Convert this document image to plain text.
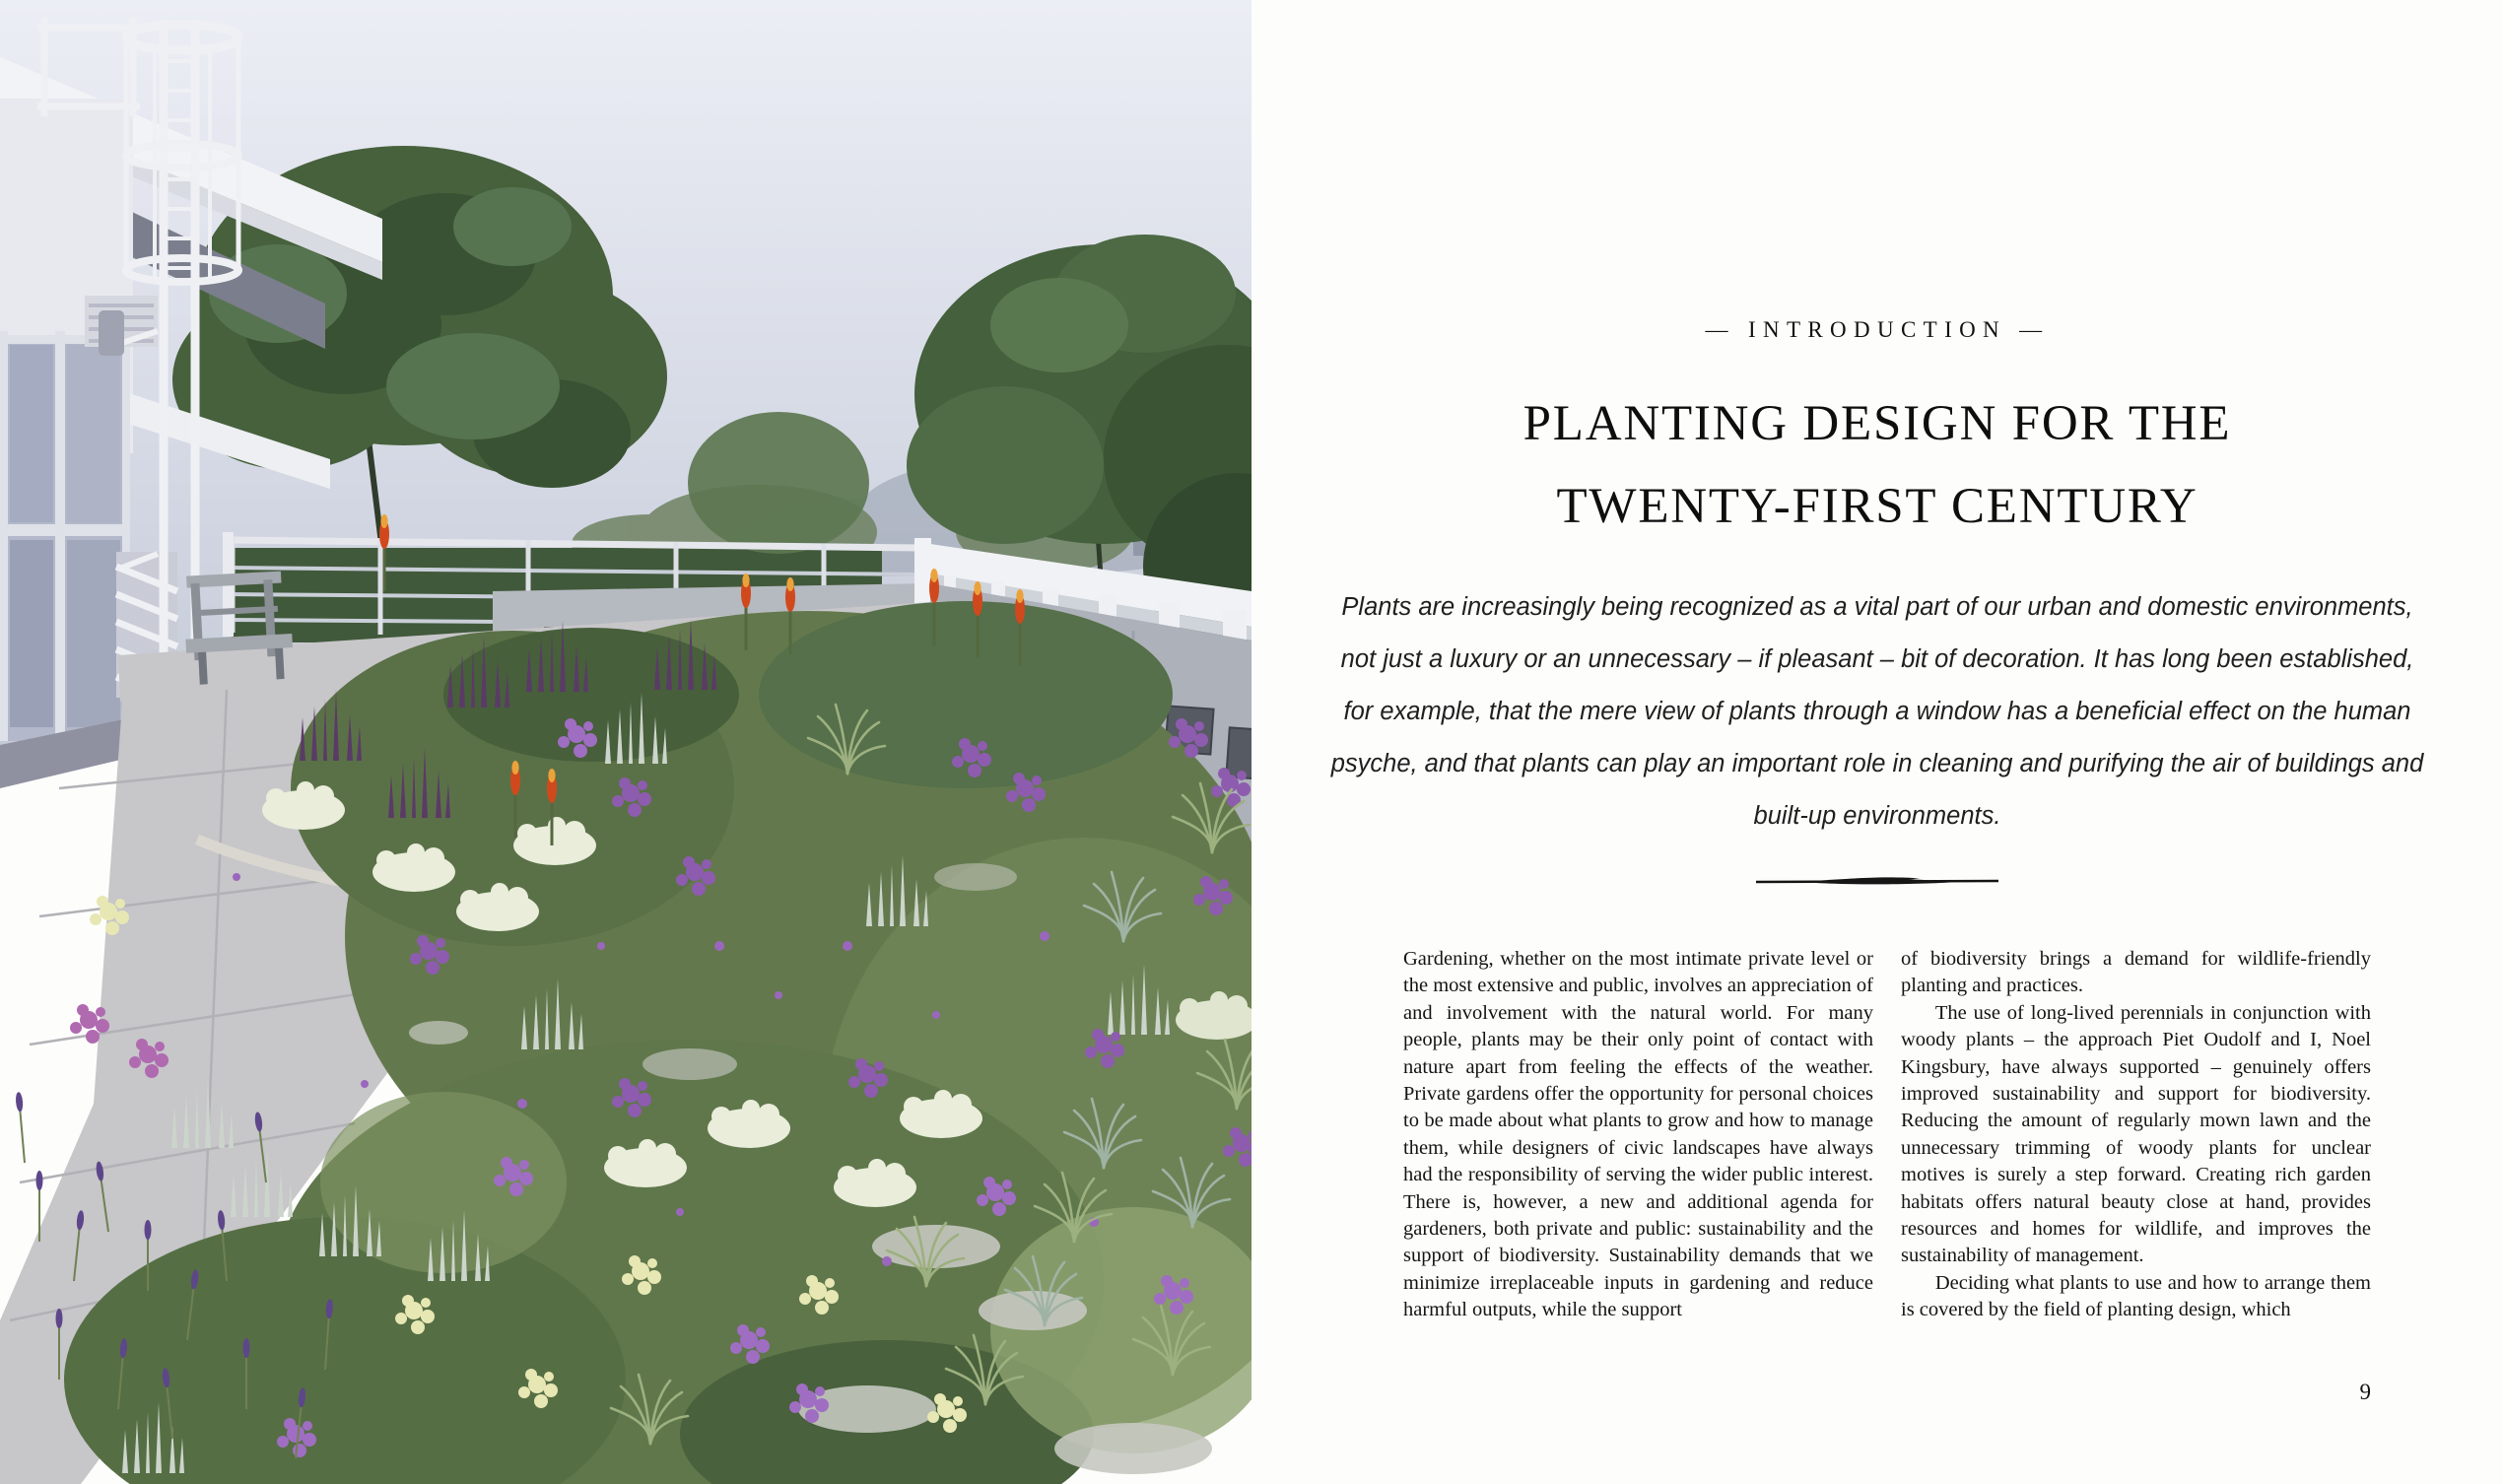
— INTRODUCTION —
PLANTING DESIGN FOR THE
TWENTY-FIRST CENTURY
Plants are increasingly being recognized as a vital part of our urban and domestic environments, not just a luxury or an unnecessary – if pleasant – bit of decoration. It has long been established, for example, that the mere view of plants through a window has a beneficial effect on the human psyche, and that plants can play an important role in cleaning and purifying the air of buildings and built-up environments.

Gardening, whether on the most intimate private level or the most extensive and public, involves an appreciation of and involvement with the natural world. For many people, plants may be their only point of contact with nature apart from feeling the effects of the weather. Private gardens offer the opportunity for personal choices to be made about what plants to grow and how to manage them, while designers of civic landscapes have always had the responsibility of serving the wider public interest. There is, however, a new and additional agenda for gardeners, both private and public: sustainability and the support of biodiversity. Sustainability demands that we minimize irreplaceable inputs in gardening and reduce harmful outputs, while the support

of biodiversity brings a demand for wildlife-friendly planting and practices.

The use of long-lived perennials in conjunction with woody plants – the approach Piet Oudolf and I, Noel Kingsbury, have always supported – genuinely offers improved sustainability and support for biodiversity. Reducing the amount of regularly mown lawn and the unnecessary trimming of woody plants for unclear motives is surely a step forward. Creating rich garden habitats offers natural beauty close at hand, provides resources and homes for wildlife, and improves the sustainability of management.

Deciding what plants to use and how to arrange them is covered by the field of planting design, which

9
